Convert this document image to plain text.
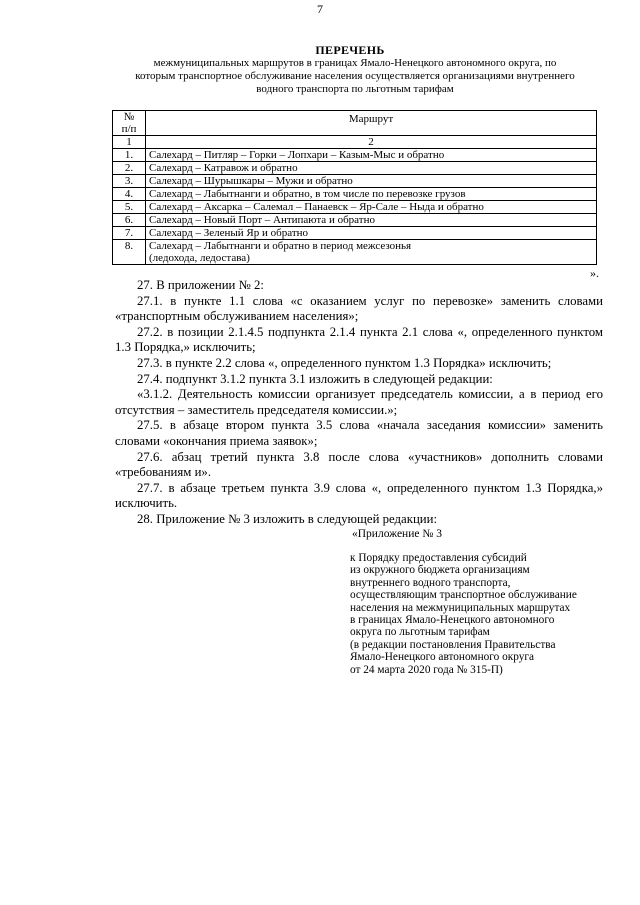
7
ПЕРЕЧЕНЬ
межмуниципальных маршрутов в границах Ямало-Ненецкого автономного округа, по
которым транспортное обслуживание населения осуществляется организациями внутреннего
водного транспорта по льготным тарифам
№
п/п	Маршрут
1	2
1.	Салехард – Питляр – Горки – Лопхари – Казым-Мыс и обратно
2.	Салехард – Катравож и обратно
3.	Салехард – Шурышкары – Мужи и обратно
4.	Салехард – Лабытнанги и обратно, в том числе по перевозке грузов
5.	Салехард – Аксарка – Салемал – Панаевск – Яр-Сале – Ныда и обратно
6.	Салехард – Новый Порт – Антипаюта и обратно
7.	Салехард – Зеленый Яр и обратно
8.	Салехард – Лабытнанги и обратно в период межсезонья
(ледохода, ледостава)
».

27. В приложении № 2:

27.1. в пункте 1.1 слова «с оказанием услуг по перевозке» заменить словами «транспортным обслуживанием населения»;

27.2. в позиции 2.1.4.5 подпункта 2.1.4 пункта 2.1 слова «, определенного пунктом 1.3 Порядка,» исключить;

27.3. в пункте 2.2 слова «, определенного пунктом 1.3 Порядка» исключить;

27.4. подпункт 3.1.2 пункта 3.1 изложить в следующей редакции:

«3.1.2. Деятельность комиссии организует председатель комиссии, а в период его отсутствия – заместитель председателя комиссии.»;

27.5. в абзаце втором пункта 3.5 слова «начала заседания комиссии» заменить словами «окончания приема заявок»;

27.6. абзац третий пункта 3.8 после слова «участников» дополнить словами «требованиям и».

27.7. в абзаце третьем пункта 3.9 слова «, определенного пунктом 1.3 Порядка,» исключить.

28. Приложение № 3 изложить в следующей редакции:

«Приложение № 3
к Порядку предоставления субсидий
из окружного бюджета организациям
внутреннего водного транспорта,
осуществляющим транспортное обслуживание
населения на межмуниципальных маршрутах
в границах Ямало-Ненецкого автономного
округа по льготным тарифам
(в редакции постановления Правительства
Ямало-Ненецкого автономного округа
от 24 марта 2020 года № 315-П)
